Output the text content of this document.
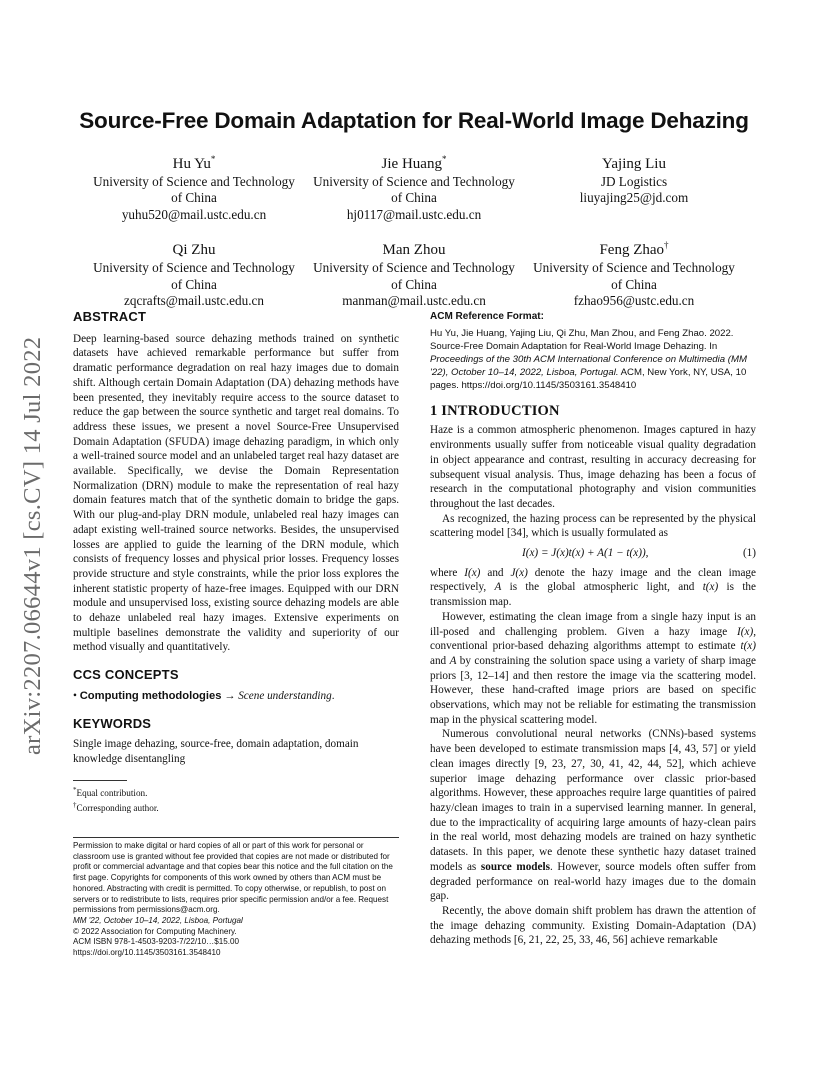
arXiv:2207.06644v1 [cs.CV] 14 Jul 2022
Source-Free Domain Adaptation for Real-World Image Dehazing
Hu Yu*
University of Science and Technology
of China
yuhu520@mail.ustc.edu.cn
Jie Huang*
University of Science and Technology
of China
hj0117@mail.ustc.edu.cn
Yajing Liu
JD Logistics
liuyajing25@jd.com
Qi Zhu
University of Science and Technology
of China
zqcrafts@mail.ustc.edu.cn
Man Zhou
University of Science and Technology
of China
manman@mail.ustc.edu.cn
Feng Zhao†
University of Science and Technology
of China
fzhao956@ustc.edu.cn
ABSTRACT

Deep learning-based source dehazing methods trained on synthetic datasets have achieved remarkable performance but suffer from dramatic performance degradation on real hazy images due to domain shift. Although certain Domain Adaptation (DA) dehazing methods have been presented, they inevitably require access to the source dataset to reduce the gap between the source synthetic and target real domains. To address these issues, we present a novel Source-Free Unsupervised Domain Adaptation (SFUDA) image dehazing paradigm, in which only a well-trained source model and an unlabeled target real hazy dataset are available. Specifically, we devise the Domain Representation Normalization (DRN) module to make the representation of real hazy domain features match that of the synthetic domain to bridge the gaps. With our plug-and-play DRN module, unlabeled real hazy images can adapt existing well-trained source networks. Besides, the unsupervised losses are applied to guide the learning of the DRN module, which consists of frequency losses and physical prior losses. Frequency losses provide structure and style constraints, while the prior loss explores the inherent statistic property of haze-free images. Equipped with our DRN module and unsupervised loss, existing source dehazing models are able to dehaze unlabeled real hazy images. Extensive experiments on multiple baselines demonstrate the validity and superiority of our method visually and quantitatively.

CCS CONCEPTS

• Computing methodologies → Scene understanding.

KEYWORDS

Single image dehazing, source-free, domain adaptation, domain knowledge disentangling

*Equal contribution.
†Corresponding author.
Permission to make digital or hard copies of all or part of this work for personal or classroom use is granted without fee provided that copies are not made or distributed for profit or commercial advantage and that copies bear this notice and the full citation on the first page. Copyrights for components of this work owned by others than ACM must be honored. Abstracting with credit is permitted. To copy otherwise, or republish, to post on servers or to redistribute to lists, requires prior specific permission and/or a fee. Request permissions from permissions@acm.org.
MM '22, October 10–14, 2022, Lisboa, Portugal
© 2022 Association for Computing Machinery.
ACM ISBN 978-1-4503-9203-7/22/10…$15.00
https://doi.org/10.1145/3503161.3548410
ACM Reference Format:
Hu Yu, Jie Huang, Yajing Liu, Qi Zhu, Man Zhou, and Feng Zhao. 2022. Source-Free Domain Adaptation for Real-World Image Dehazing. In Proceedings of the 30th ACM International Conference on Multimedia (MM '22), October 10–14, 2022, Lisboa, Portugal. ACM, New York, NY, USA, 10 pages. https://doi.org/10.1145/3503161.3548410
1 INTRODUCTION

Haze is a common atmospheric phenomenon. Images captured in hazy environments usually suffer from noticeable visual quality degradation in object appearance and contrast, resulting in accuracy decreasing for subsequent visual analysis. Thus, image dehazing has been a focus of research in the computational photography and vision communities throughout the last decades.

As recognized, the hazing process can be represented by the physical scattering model [34], which is usually formulated as

I(x) = J(x)t(x) + A(1 − t(x)),	(1)

where I(x) and J(x) denote the hazy image and the clean image respectively, A is the global atmospheric light, and t(x) is the transmission map.

However, estimating the clean image from a single hazy input is an ill-posed and challenging problem. Given a hazy image I(x), conventional prior-based dehazing algorithms attempt to estimate t(x) and A by constraining the solution space using a variety of sharp image priors [3, 12–14] and then restore the image via the scattering model. However, these hand-crafted image priors are based on specific observations, which may not be reliable for estimating the transmission map in the physical scattering model.

Numerous convolutional neural networks (CNNs)-based systems have been developed to estimate transmission maps [4, 43, 57] or yield clean images directly [9, 23, 27, 30, 41, 42, 44, 52], which achieve superior image dehazing performance over classic prior-based algorithms. However, these approaches require large quantities of paired hazy/clean images to train in a supervised learning manner. In general, due to the impracticality of acquiring large amounts of hazy-clean pairs in the real world, most dehazing models are trained on hazy synthetic datasets. In this paper, we denote these synthetic hazy dataset trained models as source models. However, source models often suffer from degraded performance on real-world hazy images due to the domain gap.

Recently, the above domain shift problem has drawn the attention of the image dehazing community. Existing Domain-Adaptation (DA) dehazing methods [6, 21, 22, 25, 33, 46, 56] achieve remarkable
